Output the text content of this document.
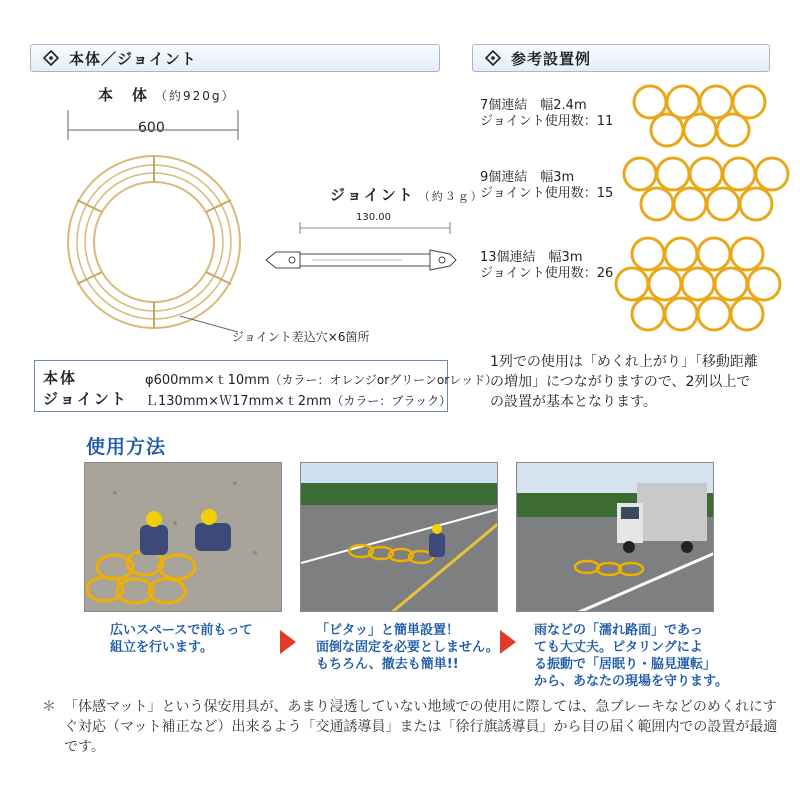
本体／ジョイント	参考設置例
本　体 （約920g）
600
ジョイント差込穴×6箇所
ジョイント （約３ｇ）
130.00
7個連結　幅2.4m
ジョイント使用数：11
9個連結　幅3m
ジョイント使用数：15
13個連結　幅3m
ジョイント使用数：26
本体	φ600mm×ｔ10mm（カラー：オレンジorグリーンorレッド）
ジョイント Ｌ130mm×Ｗ17mm×ｔ2mm（カラー：ブラック）
1列での使用は「めくれ上がり」「移動距離の増加」につながりますので、2列以上での設置が基本となります。
使用方法
広いスペースで前もって
組立を行います。
「ピタッ」と簡単設置！
面倒な固定を必要としません。
もちろん、撤去も簡単!!
雨などの「濡れ路面」であっ
ても大丈夫。ピタリングによ
る振動で「居眠り・脇見運転」
から、あなたの現場を守ります。
＊ 「体感マット」という保安用具が、あまり浸透していない地域での使用に際しては、急ブレーキなどのめくれにすぐ対応（マット補正など）出来るよう「交通誘導員」または「徐行旗誘導員」から目の届く範囲内での設置が最適です。
